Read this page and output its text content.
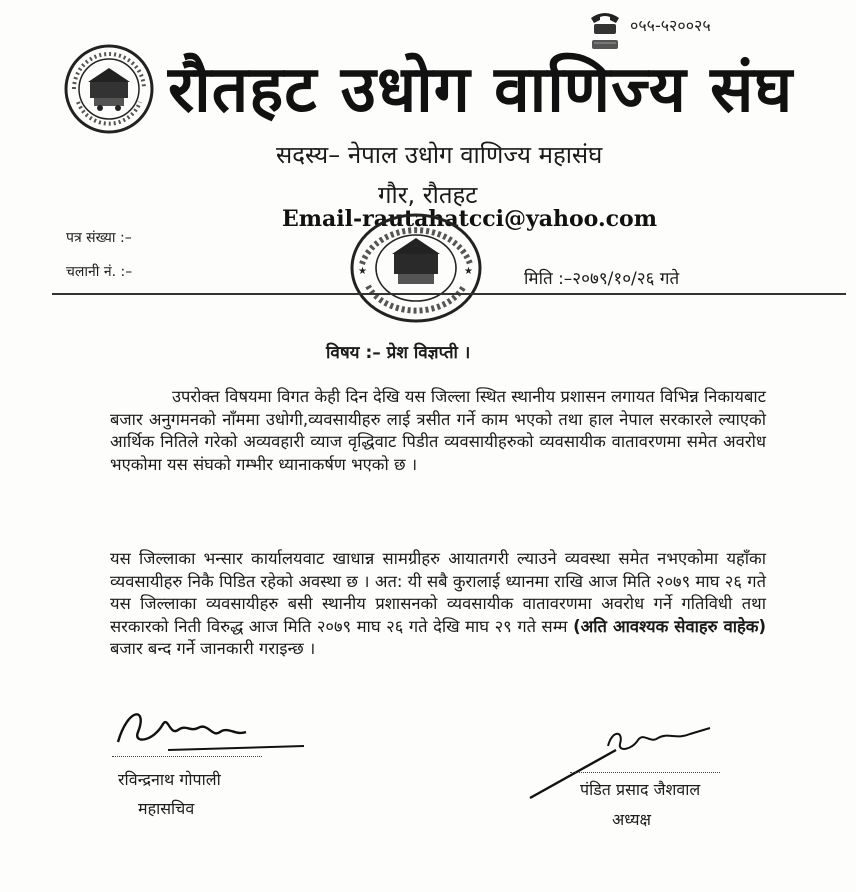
०५५-५२००२५
रौतहट उधोग वाणिज्य संघ
सदस्य– नेपाल उधोग वाणिज्य महासंघ
गौर, रौतहट
Email-rautahatcci@yahoo.com
★	★
पत्र संख्या :–
चलानी नं. :–	मिति :–२०७९/१०/२६ गते
विषय :– प्रेश विज्ञप्ती ।

उपरोक्त विषयमा विगत केही दिन देखि यस जिल्ला स्थित स्थानीय प्रशासन लगायत विभिन्न निकायबाट बजार अनुगमनको नाँममा उधोगी,व्यवसायीहरु लाई त्रसीत गर्ने काम भएको तथा हाल नेपाल सरकारले ल्याएको आर्थिक नितिले गरेको अव्यवहारी व्याज वृद्धिवाट पिडीत व्यवसायीहरुको व्यवसायीक वातावरणमा समेत अवरोध भएकोमा यस संघको गम्भीर ध्यानाकर्षण भएको छ ।

यस जिल्लाका भन्सार कार्यालयवाट खाधान्न सामग्रीहरु आयातगरी ल्याउने व्यवस्था समेत नभएकोमा यहाँका व्यवसायीहरु निकै पिडित रहेको अवस्था छ । अत: यी सबै कुरालाई ध्यानमा राखि आज मिति २०७९ माघ २६ गते यस जिल्लाका व्यवसायीहरु बसी स्थानीय प्रशासनको व्यवसायीक वातावरणमा अवरोध गर्ने गतिविधी तथा सरकारको निती विरुद्ध आज मिति २०७९ माघ २६ गते देखि माघ २९ गते सम्म (अति आवश्यक सेवाहरु वाहेक) बजार बन्द गर्ने जानकारी गराइन्छ ।

रविन्द्रनाथ गोपाली
महासचिव
पंडित प्रसाद जैशवाल
अध्यक्ष
